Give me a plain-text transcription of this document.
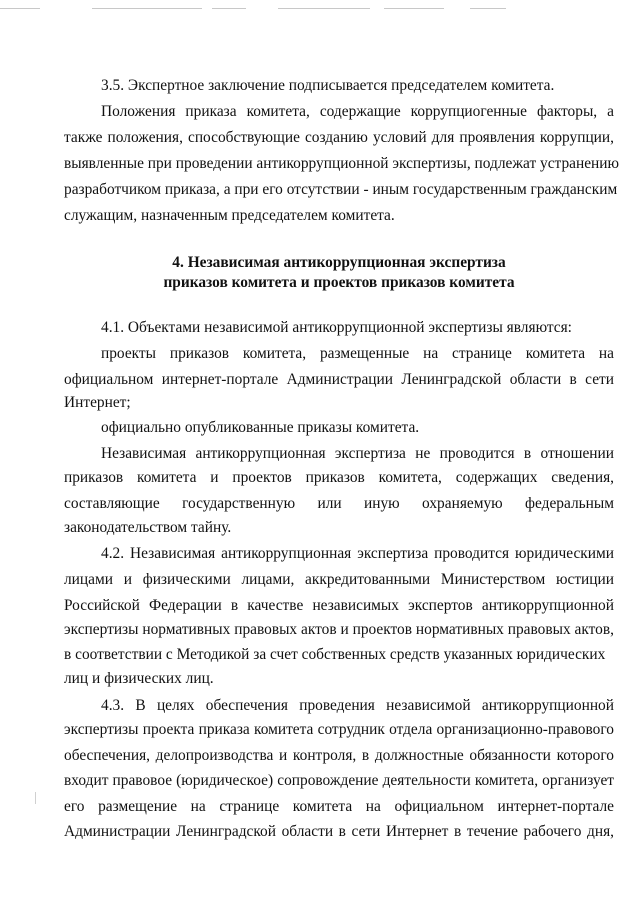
3.5. Экспертное заключение подписывается председателем комитета.
Положения приказа комитета, содержащие коррупциогенные факторы, а
также положения, способствующие созданию условий для проявления коррупции,
выявленные при проведении антикоррупционной экспертизы, подлежат устранению
разработчиком приказа, а при его отсутствии - иным государственным гражданским
служащим, назначенным председателем комитета.
4. Независимая антикоррупционная экспертиза
приказов комитета и проектов приказов комитета
4.1. Объектами независимой антикоррупционной экспертизы являются:
проекты приказов комитета, размещенные на странице комитета на
официальном интернет-портале Администрации Ленинградской области в сети
Интернет;
официально опубликованные приказы комитета.
Независимая антикоррупционная экспертиза не проводится в отношении
приказов комитета и проектов приказов комитета, содержащих сведения,
составляющие государственную или иную охраняемую федеральным
законодательством тайну.
4.2. Независимая антикоррупционная экспертиза проводится юридическими
лицами и физическими лицами, аккредитованными Министерством юстиции
Российской Федерации в качестве независимых экспертов антикоррупционной
экспертизы нормативных правовых актов и проектов нормативных правовых актов,
в соответствии с Методикой за счет собственных средств указанных юридических
лиц и физических лиц.
4.3. В целях обеспечения проведения независимой антикоррупционной
экспертизы проекта приказа комитета сотрудник отдела организационно-правового
обеспечения, делопроизводства и контроля, в должностные обязанности которого
входит правовое (юридическое) сопровождение деятельности комитета, организует
его размещение на странице комитета на официальном интернет-портале
Администрации Ленинградской области в сети Интернет в течение рабочего дня,
